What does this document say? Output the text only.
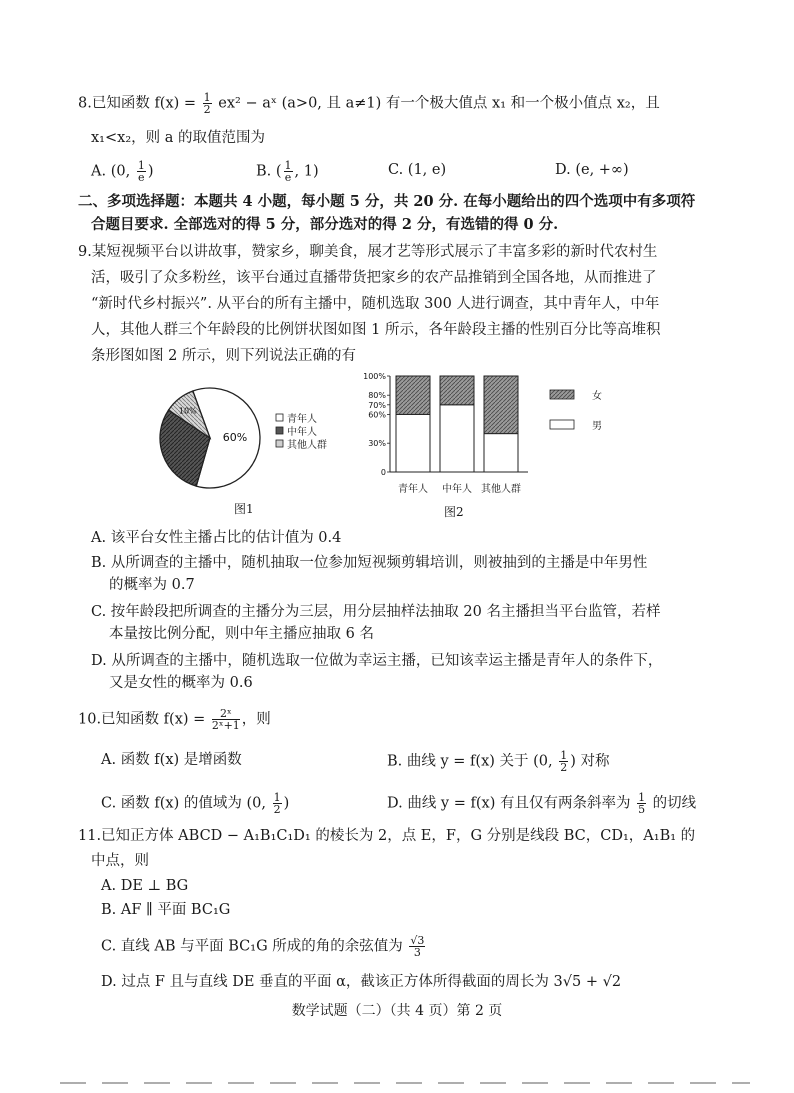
8.已知函数 $f(x) = \frac{1}{2} ex^2$ − aˣ (a>0, 且 a≠1) 有一个极大值点 x₁ 和一个极小值点 x₂，且
x₁<x₂，则 a 的取值范围为
A. (0, $\frac{1}{e}$ )	B. ( $\frac{1}{e}$ , 1)	C. (1, e)	D. (e, +∞)
二、多项选择题：本题共 4 小题，每小题 5 分，共 20 分. 在每小题给出的四个选项中有多项符
合题目要求. 全部选对的得 5 分，部分选对的得 2 分，有选错的得 0 分.
9.某短视频平台以讲故事，赞家乡，聊美食，展才艺等形式展示了丰富多彩的新时代农村生
活，吸引了众多粉丝，该平台通过直播带货把家乡的农产品推销到全国各地，从而推进了
“新时代乡村振兴”. 从平台的所有主播中，随机选取 300 人进行调查，其中青年人，中年
人，其他人群三个年龄段的比例饼状图如图 1 所示，各年龄段主播的性别百分比等高堆积
条形图如图 2 所示，则下列说法正确的有
60%
10%
青年人
中年人
其他人群
图1
0
30%
60%
70%
80%
100%
青年人 中年人 其他人群
女
男
图2
A. 该平台女性主播占比的估计值为 0.4
B. 从所调查的主播中，随机抽取一位参加短视频剪辑培训，则被抽到的主播是中年男性
的概率为 0.7
C. 按年龄段把所调查的主播分为三层，用分层抽样法抽取 20 名主播担当平台监管，若样
本量按比例分配，则中年主播应抽取 6 名
D. 从所调查的主播中，随机选取一位做为幸运主播，已知该幸运主播是青年人的条件下，
又是女性的概率为 0.6
10.已知函数 $f(x) = \frac{\text{2ˣ}}{\text{2ˣ+1}}$ ，则
A. 函数 f(x) 是增函数	B. 曲线 y = f(x) 关于 (0, $\frac{1}{2}$ ) 对称
C. 函数 f(x) 的值域为 (0, $\frac{1}{2}$ )	D. 曲线 y = f(x) 有且仅有两条斜率为 $\frac{1}{5}$ 的切线
11.已知正方体 ABCD − A₁B₁C₁D₁ 的棱长为 2，点 E，F，G 分别是线段 BC，CD₁，A₁B₁ 的
中点，则
A. DE ⊥ BG
B. AF ∥ 平面 BC₁G
C. 直线 AB 与平面 BC₁G 所成的角的余弦值为 $\frac{√3}{3}$
D. 过点 F 且与直线 DE 垂直的平面 α，截该正方体所得截面的周长为 3√5 + √2
数学试题（二）（共 4 页）第 2 页
